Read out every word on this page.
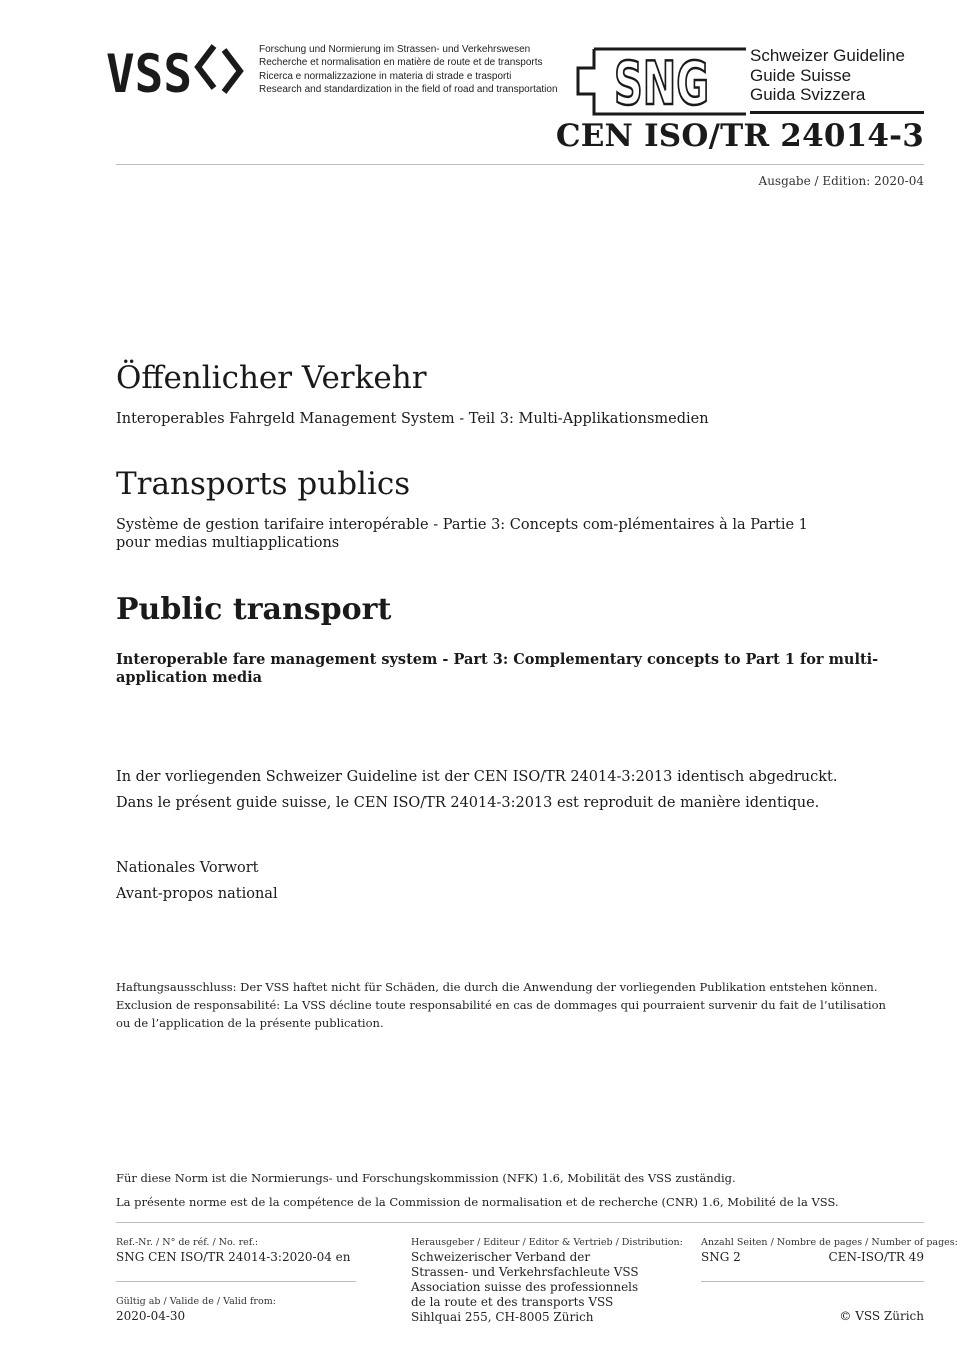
VSS	Forschung und Normierung im Strassen- und Verkehrswesen
Recherche et normalisation en matière de route et de transports
Ricerca e normalizzazione in materia di strade e trasporti
Research and standardization in the field of road and transportation SNG Schweizer Guideline
Guide Suisse
Guida Svizzera
CEN ISO/TR 24014-3
Ausgabe / Edition: 2020-04
Öffenlicher Verkehr
Interoperables Fahrgeld Management System - Teil 3: Multi-Applikationsmedien
Transports publics
Système de gestion tarifaire interopérable - Partie 3: Concepts com-plémentaires à la Partie 1 pour medias multiapplications
Public transport
Interoperable fare management system - Part 3: Complementary concepts to Part 1 for multi-application media
In der vorliegenden Schweizer Guideline ist der CEN ISO/TR 24014-3:2013 identisch abgedruckt.
Dans le présent guide suisse, le CEN ISO/TR 24014-3:2013 est reproduit de manière identique.
Nationales Vorwort
Avant-propos national
Haftungsausschluss: Der VSS haftet nicht für Schäden, die durch die Anwendung der vorliegenden Publikation entstehen können.
Exclusion de responsabilité: La VSS décline toute responsabilité en cas de dommages qui pourraient survenir du fait de l’utilisation
ou de l’application de la présente publication.
Für diese Norm ist die Normierungs- und Forschungskommission (NFK) 1.6, Mobilität des VSS zuständig.
La présente norme est de la compétence de la Commission de normalisation et de recherche (CNR) 1.6, Mobilité de la VSS.
Ref.-Nr. / N° de réf. / No. ref.:
SNG CEN ISO/TR 24014-3:2020-04 en
Gültig ab / Valide de / Valid from:
2020-04-30
Herausgeber / Editeur / Editor & Vertrieb / Distribution:
Schweizerischer Verband der
Strassen- und Verkehrsfachleute VSS
Association suisse des professionnels
de la route et des transports VSS
Sihlquai 255, CH-8005 Zürich
Anzahl Seiten / Nombre de pages / Number of pages:
SNG 2	CEN-ISO/TR 49
© VSS Zürich
